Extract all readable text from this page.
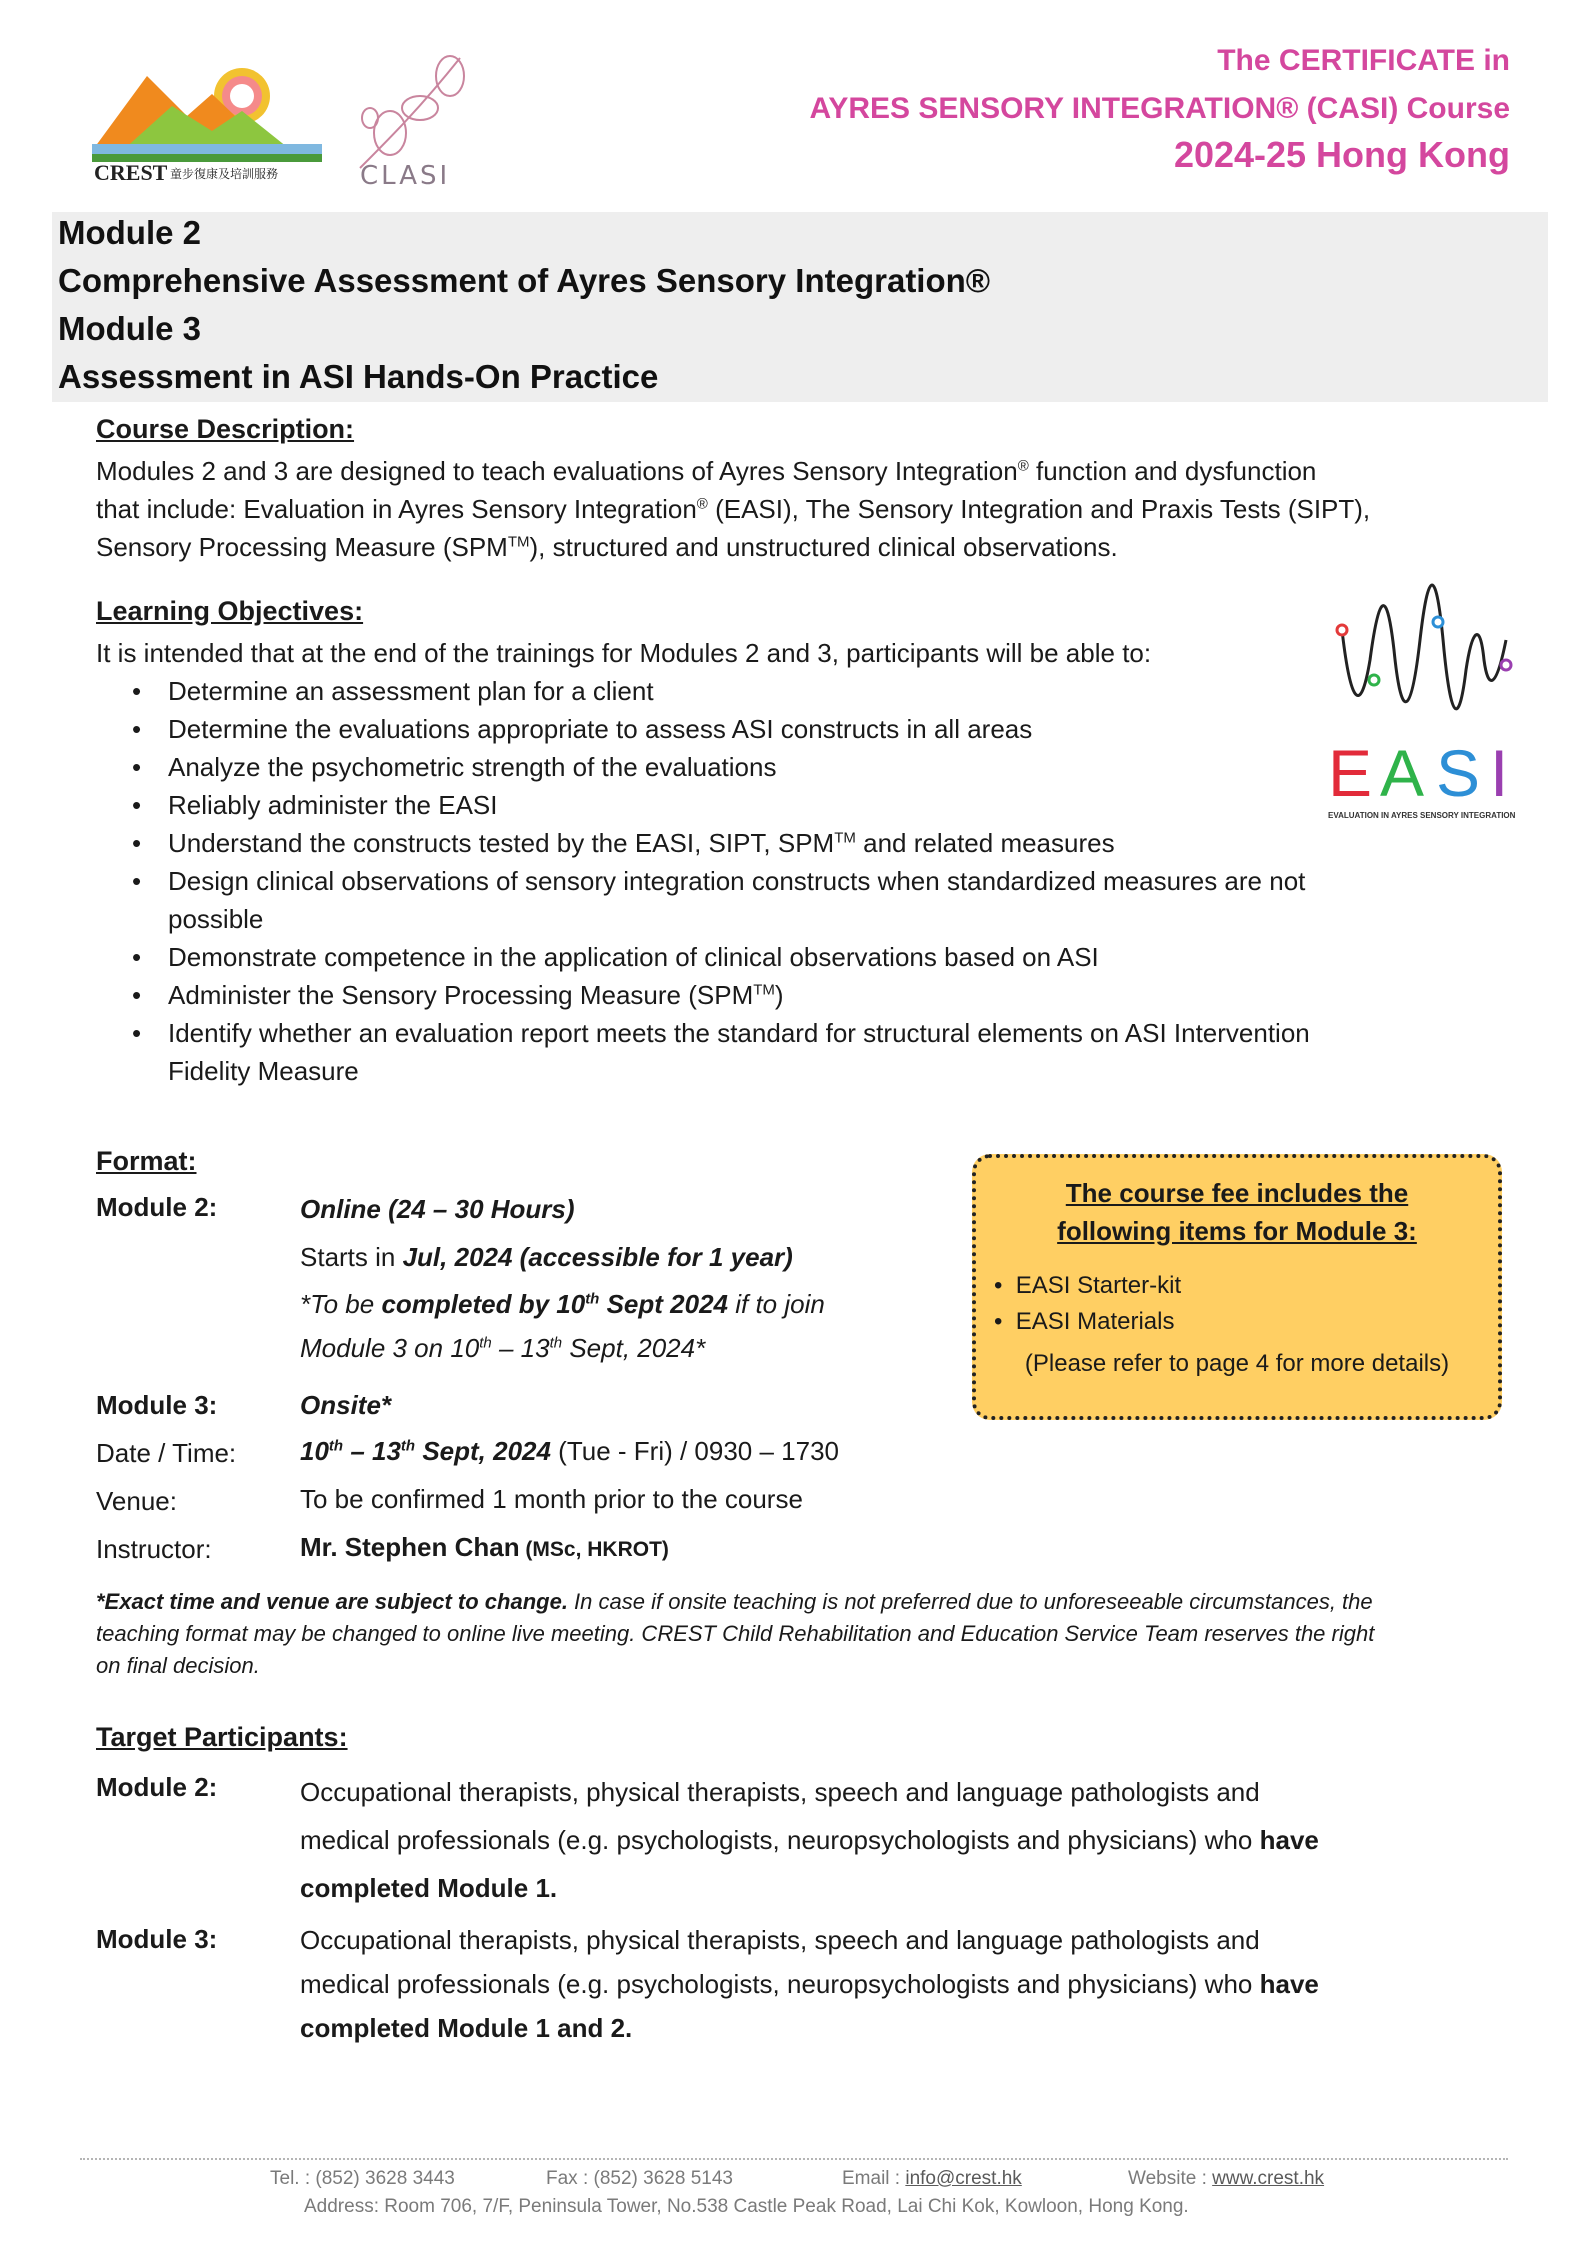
CREST 童步復康及培訓服務	CLASI
The CERTIFICATE in
AYRES SENSORY INTEGRATION® (CASI) Course
2024-25 Hong Kong
Module 2
Comprehensive Assessment of Ayres Sensory Integration®
Module 3
Assessment in ASI Hands-On Practice
Course Description:
Modules 2 and 3 are designed to teach evaluations of Ayres Sensory Integration® function and dysfunction
that include: Evaluation in Ayres Sensory Integration® (EASI), The Sensory Integration and Praxis Tests (SIPT),
Sensory Processing Measure (SPM™), structured and unstructured clinical observations.
Learning Objectives:
It is intended that at the end of the trainings for Modules 2 and 3, participants will be able to:
• Determine an assessment plan for a client
• Determine the evaluations appropriate to assess ASI constructs in all areas
• Analyze the psychometric strength of the evaluations
• Reliably administer the EASI
• Understand the constructs tested by the EASI, SIPT, SPM™ and related measures
• Design clinical observations of sensory integration constructs when standardized measures are not
possible
• Demonstrate competence in the application of clinical observations based on ASI
• Administer the Sensory Processing Measure (SPM™)
• Identify whether an evaluation report meets the standard for structural elements on ASI Intervention
Fidelity Measure
E A S I
EVALUATION IN AYRES SENSORY INTEGRATION
Format:
Module 2:	Online (24 – 30 Hours)
Starts in Jul, 2024 (accessible for 1 year)
*To be completed by 10th Sept 2024 if to join
Module 3 on 10th – 13th Sept, 2024*
Module 3:	Onsite*
Date / Time: 10th – 13th Sept, 2024 (Tue - Fri) / 0930 – 1730
Venue:	To be confirmed 1 month prior to the course
Instructor:	Mr. Stephen Chan (MSc, HKROT)
The course fee includes the
following items for Module 3:
•  EASI Starter-kit
•  EASI Materials
(Please refer to page 4 for more details)
*Exact time and venue are subject to change. In case if onsite teaching is not preferred due to unforeseeable circumstances, the
teaching format may be changed to online live meeting. CREST Child Rehabilitation and Education Service Team reserves the right
on final decision.
Target Participants:
Module 2:	Occupational therapists, physical therapists, speech and language pathologists and
medical professionals (e.g. psychologists, neuropsychologists and physicians) who have
completed Module 1.
Module 3:	Occupational therapists, physical therapists, speech and language pathologists and
medical professionals (e.g. psychologists, neuropsychologists and physicians) who have
completed Module 1 and 2.
Tel. : (852) 3628 3443	Fax : (852) 3628 5143	Email : info@crest.hk	Website : www.crest.hk
Address: Room 706, 7/F, Peninsula Tower, No.538 Castle Peak Road, Lai Chi Kok, Kowloon, Hong Kong.
